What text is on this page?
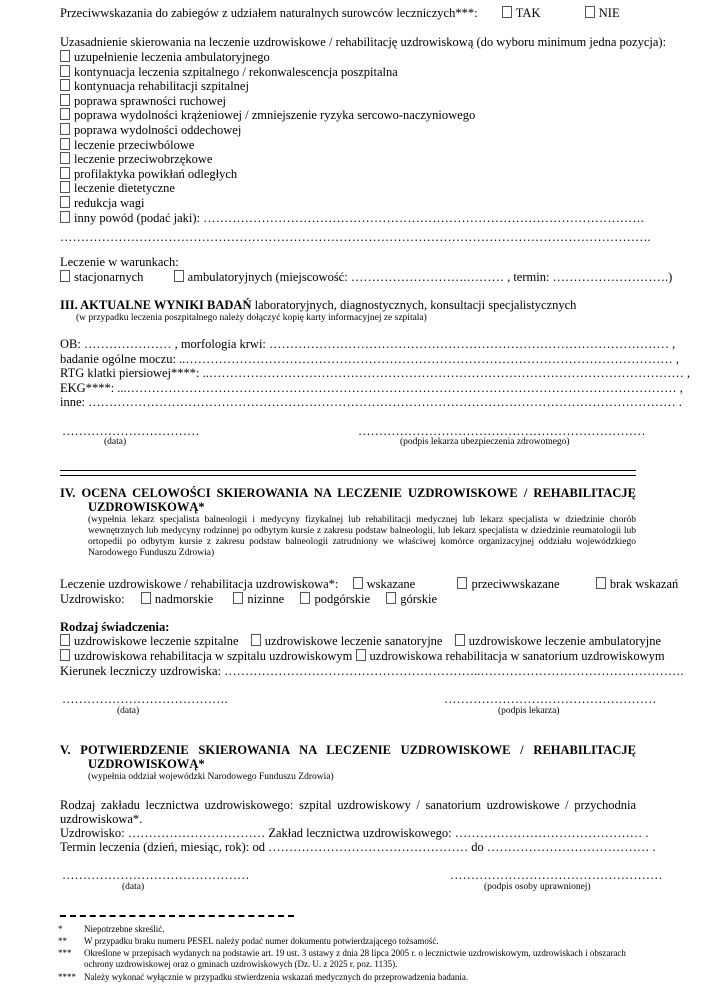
Przeciwwskazania do zabiegów z udziałem naturalnych surowców leczniczych***:	TAK	NIE
Uzasadnienie skierowania na leczenie uzdrowiskowe / rehabilitację uzdrowiskową (do wyboru minimum jedna pozycja):
uzupełnienie leczenia ambulatoryjnego
kontynuacja leczenia szpitalnego / rekonwalescencja poszpitalna
kontynuacja rehabilitacji szpitalnej
poprawa sprawności ruchowej
poprawa wydolności krążeniowej / zmniejszenie ryzyka sercowo-naczyniowego
poprawa wydolności oddechowej
leczenie przeciwbólowe
leczenie przeciwobrzękowe
profilaktyka powikłań odległych
leczenie dietetyczne
redukcja wagi
inny powód (podać jaki): …………………………………………………………………………………………….
…………………………………………………………………………………………………………………………….
Leczenie w warunkach:
stacjonarnych	ambulatoryjnych (miejscowość: ……………………….……… , termin: ……………………….)
III. AKTUALNE WYNIKI BADAŃ laboratoryjnych, diagnostycznych, konsultacji specjalistycznych
(w przypadku leczenia poszpitalnego należy dołączyć kopię karty informacyjnej ze szpitala)
OB: ………………… , morfologia krwi: …………………………………………………………………………………… ,
badanie ogólne moczu: ..……………………………………………………………………………………………………… ,
RTG klatki piersiowej****: ..…………………………………………………………………………………………………… ,
EKG****: ...…………………………………………………………………………………………………………………… ,
inne: …………………………………………………………………………………………………………………………… .
……………………………	……………………………………………………………
(data)	(podpis lekarza ubezpieczenia zdrowotnego)
IV. OCENA CELOWOŚCI SKIEROWANIA NA LECZENIE UZDROWISKOWE / REHABILITACJĘ
UZDROWISKOWĄ*
(wypełnia lekarz specjalista balneologii i medycyny fizykalnej lub rehabilitacji medycznej lub lekarz specjalista w dziedzinie chorób wewnętrznych lub medycyny rodzinnej po odbytym kursie z zakresu podstaw balneologii, lub lekarz specjalista w dziedzinie reumatologii lub ortopedii po odbytym kursie z zakresu podstaw balneologii zatrudniony we właściwej komórce organizacyjnej oddziału wojewódzkiego Narodowego Funduszu Zdrowia)
Leczenie uzdrowiskowe / rehabilitacja uzdrowiskowa*: wskazane	przeciwwskazane	brak wskazań
Uzdrowisko: nadmorskie	nizinne podgórskie górskie
Rodzaj świadczenia:
uzdrowiskowe leczenie szpitalne uzdrowiskowe leczenie sanatoryjne uzdrowiskowe leczenie ambulatoryjne
uzdrowiskowa rehabilitacja w szpitalu uzdrowiskowym uzdrowiskowa rehabilitacja w sanatorium uzdrowiskowym
Kierunek leczniczy uzdrowiska: ……………………………………………………..………………………………………….
………………………………….	……………………………………………
(data)	(podpis lekarza)
V. POTWIERDZENIE SKIEROWANIA NA LECZENIE UZDROWISKOWE / REHABILITACJĘ
UZDROWISKOWĄ*
(wypełnia oddział wojewódzki Narodowego Funduszu Zdrowia)
Rodzaj zakładu lecznictwa uzdrowiskowego: szpital uzdrowiskowy / sanatorium uzdrowiskowe / przychodnia
uzdrowiskowa*.
Uzdrowisko: …………………………… Zakład lecznictwa uzdrowiskowego: ……………………………………… .
Termin leczenia (dzień, miesiąc, rok): od ………………………………………… do ………………………………… .
………………………………………	……………………………………………
(data)	(podpis osoby uprawnionej)
* Niepotrzebne skreślić.
** W przypadku braku numeru PESEL należy podać numer dokumentu potwierdzającego tożsamość.
*** Określone w przepisach wydanych na podstawie art. 19 ust. 3 ustawy z dnia 28 lipca 2005 r. o lecznictwie uzdrowiskowym, uzdrowiskach i obszarach ochrony uzdrowiskowej oraz o gminach uzdrowiskowych (Dz. U. z 2025 r. poz. 1135).
**** Należy wykonać wyłącznie w przypadku stwierdzenia wskazań medycznych do przeprowadzenia badania.
